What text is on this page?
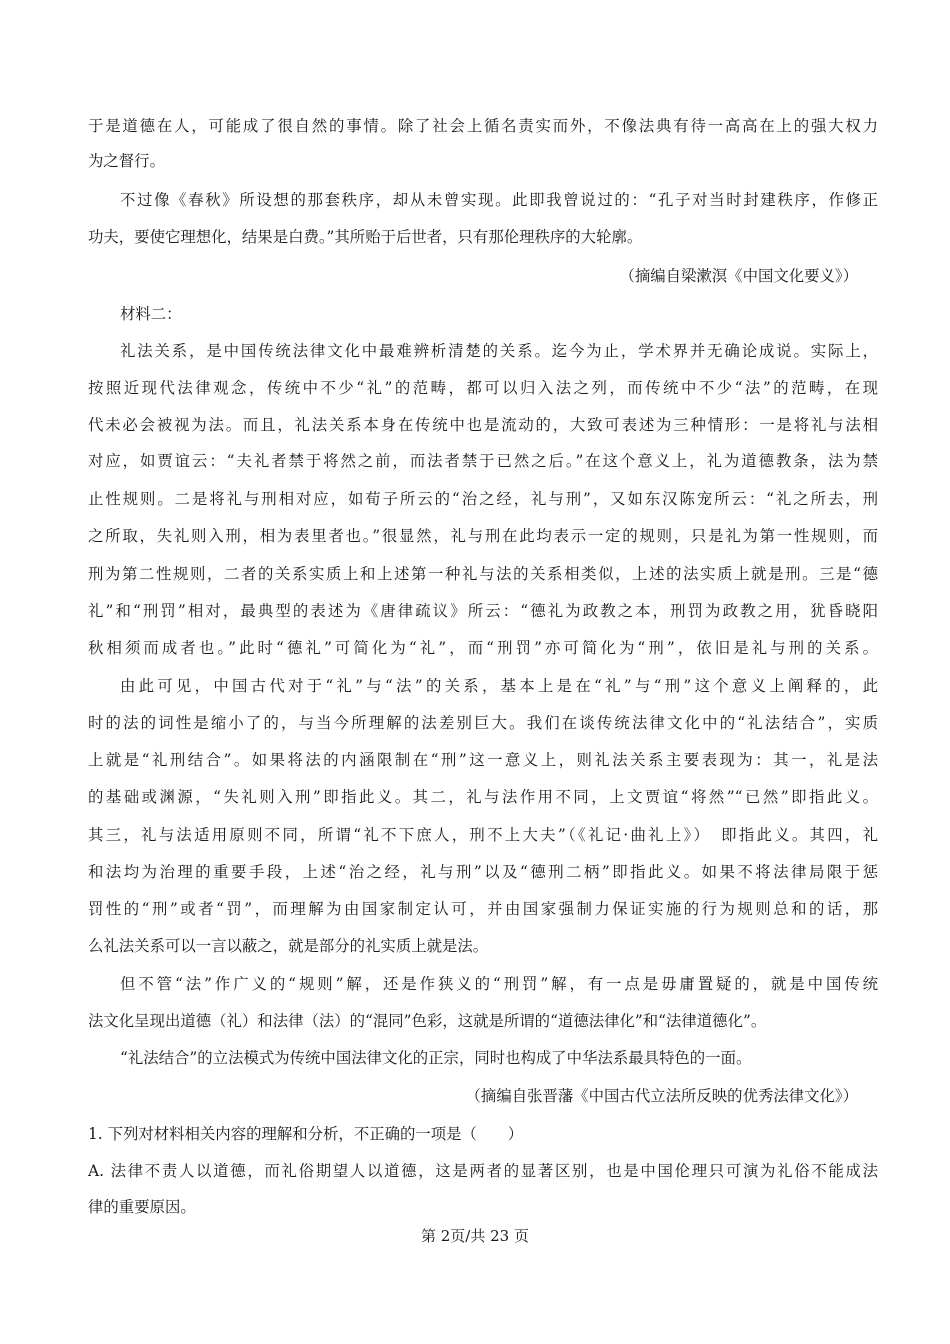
于是道德在人，可能成了很自然的事情。除了社会上循名责实而外，不像法典有待一高高在上的强大权力
为之督行。
不过像《春秋》所设想的那套秩序，却从未曾实现。此即我曾说过的：“孔子对当时封建秩序，作修正
功夫，要使它理想化，结果是白费。”其所贻于后世者，只有那伦理秩序的大轮廓。
（摘编自梁漱溟《中国文化要义》）
材料二：
礼法关系，是中国传统法律文化中最难辨析清楚的关系。迄今为止，学术界并无确论成说。实际上，
按照近现代法律观念，传统中不少“礼”的范畴，都可以归入法之列，而传统中不少“法”的范畴，在现
代未必会被视为法。而且，礼法关系本身在传统中也是流动的，大致可表述为三种情形：一是将礼与法相
对应，如贾谊云：“夫礼者禁于将然之前，而法者禁于已然之后。”在这个意义上，礼为道德教条，法为禁
止性规则。二是将礼与刑相对应，如荀子所云的“治之经，礼与刑”，又如东汉陈宠所云：“礼之所去，刑
之所取，失礼则入刑，相为表里者也。”很显然，礼与刑在此均表示一定的规则，只是礼为第一性规则，而
刑为第二性规则，二者的关系实质上和上述第一种礼与法的关系相类似，上述的法实质上就是刑。三是“德
礼”和“刑罚”相对，最典型的表述为《唐律疏议》所云：“德礼为政教之本，刑罚为政教之用，犹昏晓阳
秋相须而成者也。”此时“德礼”可简化为“礼”，而“刑罚”亦可简化为“刑”，依旧是礼与刑的关系。
由此可见，中国古代对于“礼”与“法”的关系，基本上是在“礼”与“刑”这个意义上阐释的，此
时的法的词性是缩小了的，与当今所理解的法差别巨大。我们在谈传统法律文化中的“礼法结合”，实质
上就是“礼刑结合”。如果将法的内涵限制在“刑”这一意义上，则礼法关系主要表现为：其一，礼是法
的基础或渊源，“失礼则入刑”即指此义。其二，礼与法作用不同，上文贾谊“将然”“已然”即指此义。
其三，礼与法适用原则不同，所谓“礼不下庶人，刑不上大夫”（《礼记·曲礼上》）　即指此义。其四，礼
和法均为治理的重要手段，上述“治之经，礼与刑”以及“德刑二柄”即指此义。如果不将法律局限于惩
罚性的“刑”或者“罚”，而理解为由国家制定认可，并由国家强制力保证实施的行为规则总和的话，那
么礼法关系可以一言以蔽之，就是部分的礼实质上就是法。
但不管“法”作广义的“规则”解，还是作狭义的“刑罚”解，有一点是毋庸置疑的，就是中国传统
法文化呈现出道德（礼）和法律（法）的“混同”色彩，这就是所谓的“道德法律化”和“法律道德化”。
“礼法结合”的立法模式为传统中国法律文化的正宗，同时也构成了中华法系最具特色的一面。
（摘编自张晋藩《中国古代立法所反映的优秀法律文化》）
1. 下列对材料相关内容的理解和分析，不正确的一项是（　　）
A. 法律不责人以道德，而礼俗期望人以道德，这是两者的显著区别，也是中国伦理只可演为礼俗不能成法
律的重要原因。
第 2页/共 23 页
